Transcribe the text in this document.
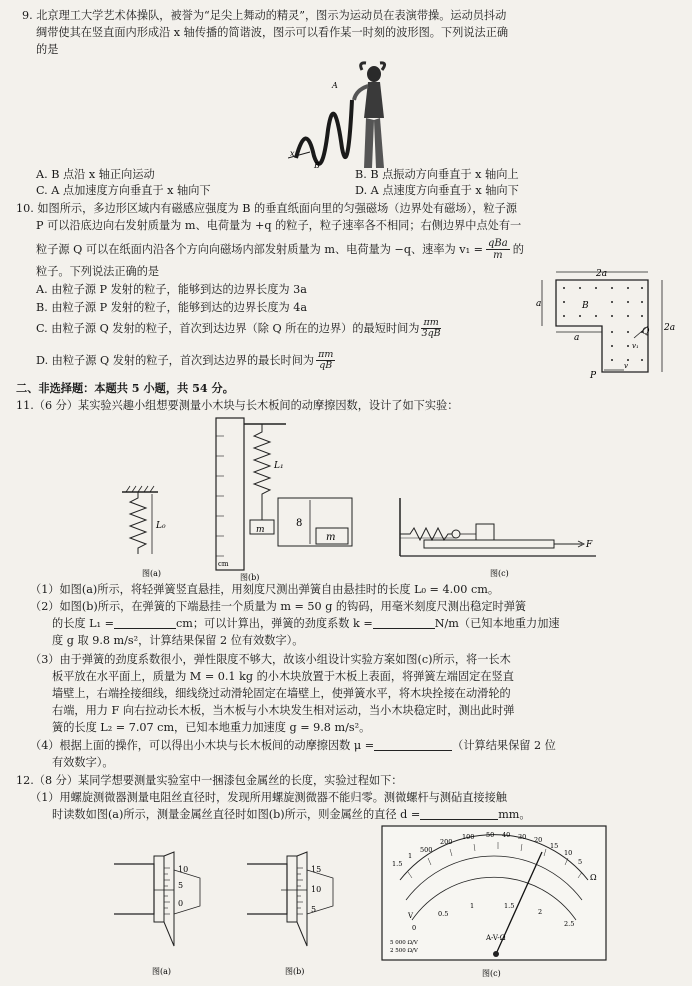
9. 北京理工大学艺术体操队，被誉为“足尖上舞动的精灵”，图示为运动员在表演带操。运动员抖动
绸带使其在竖直面内形成沿 x 轴传播的简谐波，图示可以看作某一时刻的波形图。下列说法正确
的是
x
A
B
A. B 点沿 x 轴正向运动	B. B 点振动方向垂直于 x 轴向上
C. A 点加速度方向垂直于 x 轴向下	D. A 点速度方向垂直于 x 轴向下
10. 如图所示，多边形区域内有磁感应强度为 B 的垂直纸面向里的匀强磁场（边界处有磁场），粒子源
P 可以沿底边向右发射质量为 m、电荷量为 +q 的粒子，粒子速率各不相同；右侧边界中点处有一
粒子源 Q 可以在纸面内沿各个方向向磁场内部发射质量为 m、电荷量为 −q、速率为 v₁ = qBa
m 的
粒子。下列说法正确的是
A. 由粒子源 P 发射的粒子，能够到达的边界长度为 3a
B. 由粒子源 P 发射的粒子，能够到达的边界长度为 4a
C. 由粒子源 Q 发射的粒子，首次到达边界（除 Q 所在的边界）的最短时间为 $\frac{\pi m}{3qB}$
D. 由粒子源 Q 发射的粒子，首次到达边界的最长时间为 $\frac{\pi m}{qB}$
2a
a
a
2a
B
Q
v₁
v
P
二、非选择题：本题共 5 小题，共 54 分。
11.（6 分）某实验兴趣小组想要测量小木块与长木板间的动摩擦因数，设计了如下实验：
L₀
图(a)
cm
L₁
m
8
m
图(b)
F
图(c)
（1）如图(a)所示，将轻弹簧竖直悬挂，用刻度尺测出弹簧自由悬挂时的长度 L₀ = 4.00 cm。
（2）如图(b)所示，在弹簧的下端悬挂一个质量为 m = 50 g 的钩码，用毫米刻度尺测出稳定时弹簧
的长度 L₁ =	cm；可以计算出，弹簧的劲度系数 k =	N/m（已知本地重力加速
度 g 取 9.8 m/s²，计算结果保留 2 位有效数字）。
（3）由于弹簧的劲度系数很小，弹性限度不够大，故该小组设计实验方案如图(c)所示，将一长木
板平放在水平面上，质量为 M = 0.1 kg 的小木块放置于木板上表面，将弹簧左端固定在竖直
墙壁上，右端拴接细线，细线绕过动滑轮固定在墙壁上，使弹簧水平，将木块拴接在动滑轮的
右端，用力 F 向右拉动长木板，当木板与小木块发生相对运动，当小木块稳定时，测出此时弹
簧的长度 L₂ = 7.07 cm，已知本地重力加速度 g = 9.8 m/s²。
（4）根据上面的操作，可以得出小木块与长木板间的动摩擦因数 μ =	（计算结果保留 2 位
有效数字）。
12.（8 分）某同学想要测量实验室中一捆漆包金属丝的长度，实验过程如下：
（1）用螺旋测微器测量电阻丝直径时，发现所用螺旋测微器不能归零。测微螺杆与测砧直接接触
时读数如图(a)所示，测量金属丝直径时如图(b)所示，则金属丝的直径 d =	mm。
10
5
0
图(a)
15
10
5
图(b)
1.5
1
500
200
100 50 40 30 20
15
10
5
Ω
0
0.5
1	1.5
2
2.5
V
A-V-Ω
5 000 Ω/V
2 500 Ω/V
图(c)
